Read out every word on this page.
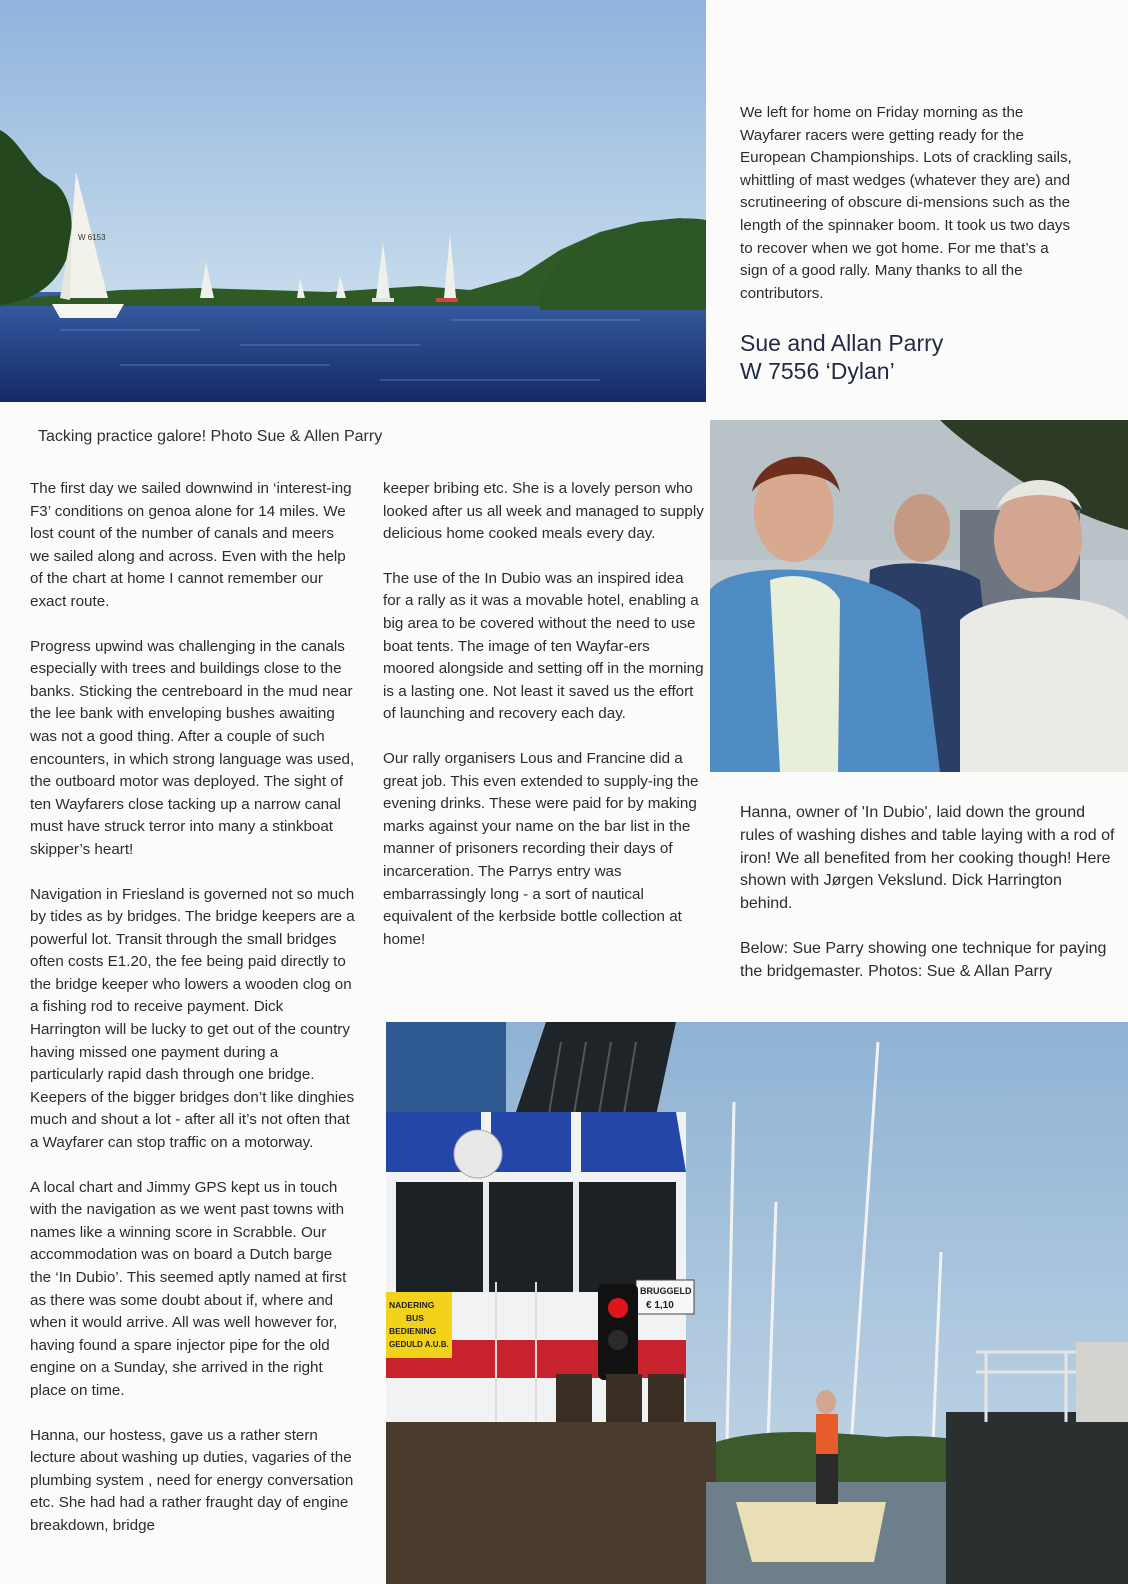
W 6153

We left for home on Friday morning as the Wayfarer racers were getting ready for the European Championships. Lots of crackling sails, whittling of mast wedges (whatever they are) and scrutineering of obscure di-mensions such as the length of the spinnaker boom. It took us two days to recover when we got home. For me that’s a sign of a good rally. Many thanks to all the contributors.

Sue and Allan Parry

W 7556 ‘Dylan’

Tacking practice galore! Photo Sue & Allen Parry

The first day we sailed downwind in ‘interest-ing F3’ conditions on genoa alone for 14 miles. We lost count of the number of canals and meers we sailed along and across. Even with the help of the chart at home I cannot remember our exact route.

Progress upwind was challenging in the canals especially with trees and buildings close to the banks. Sticking the centreboard in the mud near the lee bank with enveloping bushes awaiting was not a good thing. After a couple of such encounters, in which strong language was used, the outboard motor was deployed. The sight of ten Wayfarers close tacking up a narrow canal must have struck terror into many a stinkboat skipper’s heart!

Navigation in Friesland is governed not so much by tides as by bridges. The bridge keepers are a powerful lot. Transit through the small bridges often costs E1.20, the fee being paid directly to the bridge keeper who lowers a wooden clog on a fishing rod to receive payment. Dick Harrington will be lucky to get out of the country having missed one payment during a particularly rapid dash through one bridge. Keepers of the bigger bridges don’t like dinghies much and shout a lot - after all it’s not often that a Wayfarer can stop traffic on a motorway.

A local chart and Jimmy GPS kept us in touch with the navigation as we went past towns with names like a winning score in Scrabble. Our accommodation was on board a Dutch barge the ‘In Dubio’. This seemed aptly named at first as there was some doubt about if, where and when it would arrive. All was well however for, having found a spare injector pipe for the old engine on a Sunday, she arrived in the right place on time.

Hanna, our hostess, gave us a rather stern lecture about washing up duties, vagaries of the plumbing system , need for energy conversation etc. She had had a rather fraught day of engine breakdown, bridge

keeper bribing etc. She is a lovely person who looked after us all week and managed to supply delicious home cooked meals every day.

The use of the In Dubio was an inspired idea for a rally as it was a movable hotel, enabling a big area to be covered without the need to use boat tents. The image of ten Wayfar-ers moored alongside and setting off in the morning is a lasting one. Not least it saved us the effort of launching and recovery each day.

Our rally organisers Lous and Francine did a great job. This even extended to supply-ing the evening drinks. These were paid for by making marks against your name on the bar list in the manner of prisoners recording their days of incarceration. The Parrys entry was embarrassingly long - a sort of nautical equivalent of the kerbside bottle collection at home!

Hanna, owner of 'In Dubio', laid down the ground rules of washing dishes and table laying with a rod of iron! We all benefited from her cooking though! Here shown with Jørgen Vekslund. Dick Harrington behind.

Below: Sue Parry showing one technique for paying the bridgemaster. Photos: Sue & Allan Parry

NADERING
BUS
BEDIENING
GEDULD A.U.B.
BRUGGELD
€ 1,10
